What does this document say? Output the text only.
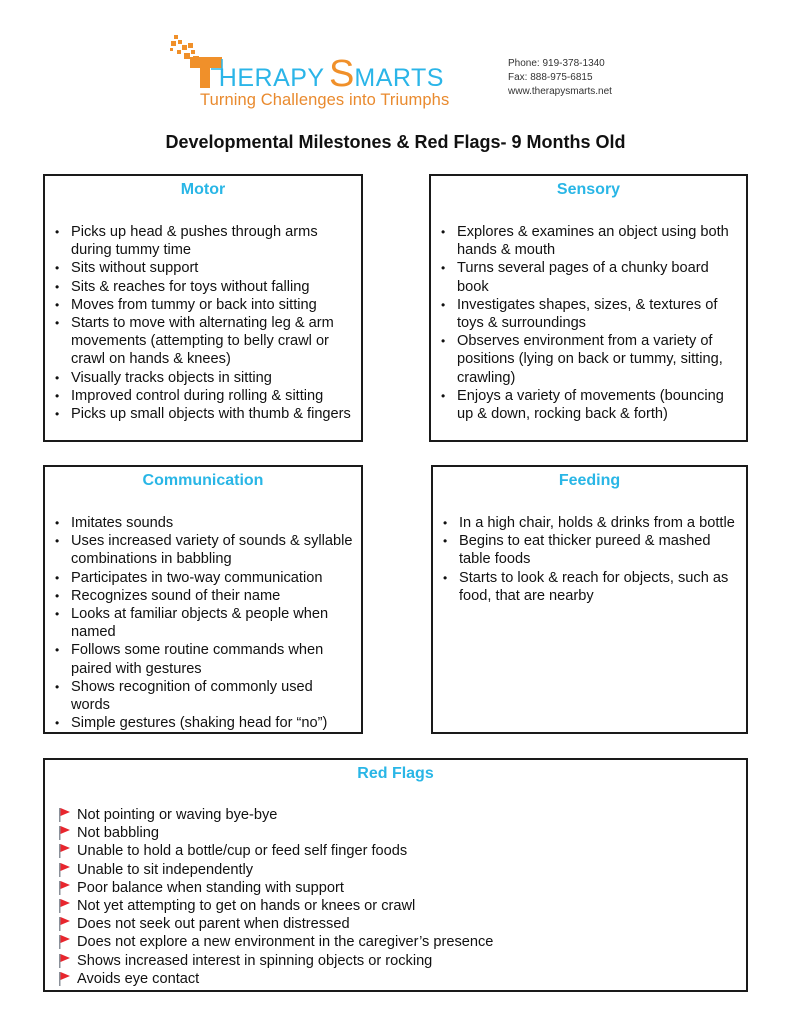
HERAPY SMARTS
Turning Challenges into Triumphs
Phone: 919-378-1340
Fax: 888-975-6815
www.therapysmarts.net
Developmental Milestones & Red Flags- 9 Months Old
Motor
• Picks up head & pushes through arms during tummy time
• Sits without support
• Sits & reaches for toys without falling
• Moves from tummy or back into sitting
• Starts to move with alternating leg & arm movements (attempting to belly crawl or crawl on hands & knees)
• Visually tracks objects in sitting
• Improved control during rolling & sitting
• Picks up small objects with thumb & fingers
Sensory
• Explores & examines an object using both hands & mouth
• Turns several pages of a chunky board book
• Investigates shapes, sizes, & textures of toys & surroundings
• Observes environment from a variety of positions (lying on back or tummy, sitting, crawling)
• Enjoys a variety of movements (bouncing up & down, rocking back & forth)
Communication
• Imitates sounds
• Uses increased variety of sounds & syllable combinations in babbling
• Participates in two-way communication
• Recognizes sound of their name
• Looks at familiar objects & people when named
• Follows some routine commands when paired with gestures
• Shows recognition of commonly used words
• Simple gestures (shaking head for “no”)
Feeding
• In a high chair, holds & drinks from a bottle
• Begins to eat thicker pureed & mashed table foods
• Starts to look & reach for objects, such as food, that are nearby
Red Flags
Not pointing or waving bye-bye
Not babbling
Unable to hold a bottle/cup or feed self finger foods
Unable to sit independently
Poor balance when standing with support
Not yet attempting to get on hands or knees or crawl
Does not seek out parent when distressed
Does not explore a new environment in the caregiver’s presence
Shows increased interest in spinning objects or rocking
Avoids eye contact
